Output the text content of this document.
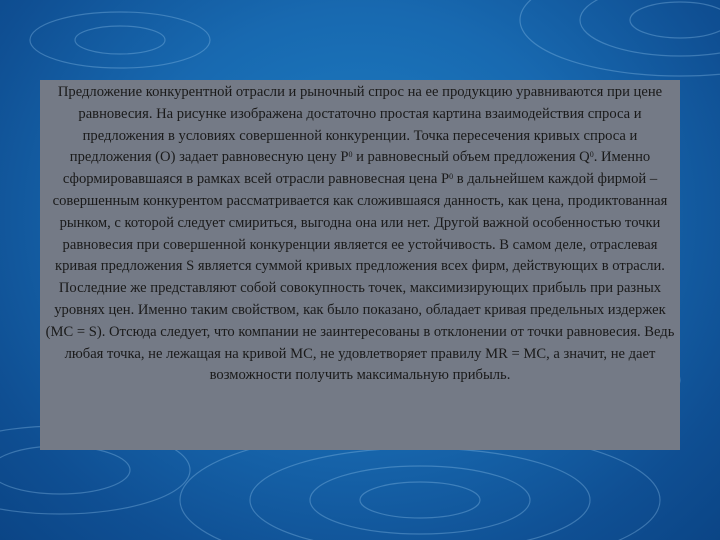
Предложение конкурентной отрасли и рыночный спрос на ее продукцию уравниваются при цене равновесия. На рисунке изображена достаточно простая картина взаимодействия спроса и предложения в условиях совершенной конкуренции. Точка пересечения кривых спроса и предложения (О) задает равновесную цену $Р_0$ и равновесный объем предложения $Q_0$. Именно сформировавшаяся в рамках всей отрасли равновесная цена $Р_0$ в дальнейшем каждой фирмой – совершенным конкурентом рассматривается как сложившаяся данность, как цена, продиктованная рынком, с которой следует смириться, выгодна она или нет. Другой важной особенностью точки равновесия при совершенной конкуренции является ее устойчивость. В самом деле, отраслевая кривая предложения S является суммой кривых предложения всех фирм, действующих в отрасли. Последние же представляют собой совокупность точек, максимизирующих прибыль при разных уровнях цен. Именно таким свойством, как было показано, обладает кривая предельных издержек (МС = S). Отсюда следует, что компании не заинтересованы в отклонении от точки равновесия. Ведь любая точка, не лежащая на кривой МС, не удовлетворяет правилу MR = МС, а значит, не дает возможности получить максимальную прибыль.
